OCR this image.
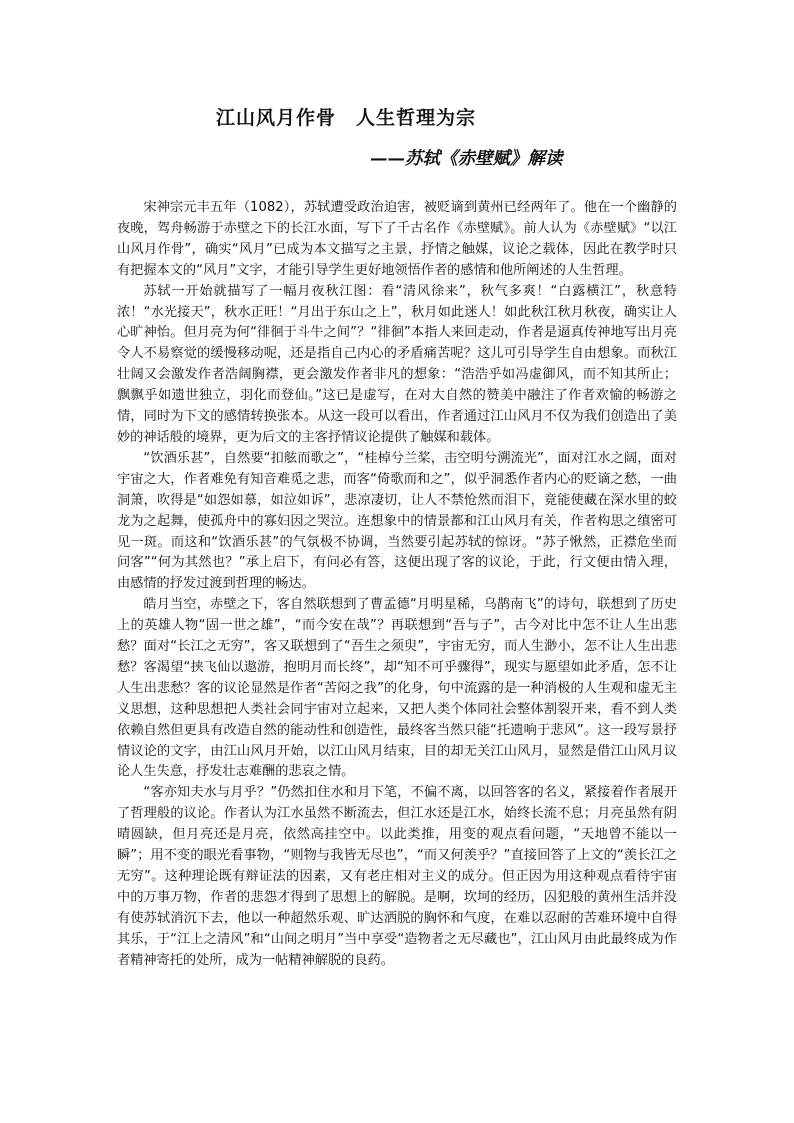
江山风月作骨　人生哲理为宗
——苏轼《赤壁赋》解读

宋神宗元丰五年（1082），苏轼遭受政治迫害，被贬谪到黄州已经两年了。他在一个幽静的夜晚，驾舟畅游于赤壁之下的长江水面，写下了千古名作《赤壁赋》。前人认为《赤壁赋》“以江山风月作骨”，确实“风月”已成为本文描写之主景，抒情之触媒，议论之载体，因此在教学时只有把握本文的“风月”文字，才能引导学生更好地领悟作者的感情和他所阐述的人生哲理。

苏轼一开始就描写了一幅月夜秋江图：看“清风徐来”，秋气多爽！“白露横江”，秋意特浓！“水光接天”，秋水正旺！“月出于东山之上”，秋月如此迷人！如此秋江秋月秋夜，确实让人心旷神怡。但月亮为何“徘徊于斗牛之间”？“徘徊”本指人来回走动，作者是逼真传神地写出月亮令人不易察觉的缓慢移动呢，还是指自己内心的矛盾痛苦呢？这儿可引导学生自由想象。而秋江壮阔又会激发作者浩阔胸襟，更会激发作者非凡的想象：“浩浩乎如冯虚御风，而不知其所止；飘飘乎如遗世独立，羽化而登仙。”这已是虚写，在对大自然的赞美中融注了作者欢愉的畅游之情，同时为下文的感情转换张本。从这一段可以看出，作者通过江山风月不仅为我们创造出了美妙的神话般的境界，更为后文的主客抒情议论提供了触媒和载体。

“饮酒乐甚”，自然要“扣舷而歌之”，“桂棹兮兰桨，击空明兮溯流光”，面对江水之阔，面对宇宙之大，作者难免有知音难觅之悲，而客“倚歌而和之”，似乎洞悉作者内心的贬谪之愁，一曲洞箫，吹得是“如怨如慕，如泣如诉”，悲凉凄切，让人不禁怆然而泪下，竟能使藏在深水里的蛟龙为之起舞，使孤舟中的寡妇因之哭泣。连想象中的情景都和江山风月有关，作者构思之缜密可见一斑。而这和“饮酒乐甚”的气氛极不协调，当然要引起苏轼的惊讶。“苏子愀然，正襟危坐而问客”“何为其然也？”承上启下，有问必有答，这便出现了客的议论，于此，行文便由情入理，由感情的抒发过渡到哲理的畅达。

皓月当空，赤壁之下，客自然联想到了曹孟德“月明星稀，乌鹊南飞”的诗句，联想到了历史上的英雄人物“固一世之雄”，“而今安在哉”？再联想到“吾与子”，古今对比中怎不让人生出悲愁？面对“长江之无穷”，客又联想到了“吾生之须臾”，宇宙无穷，而人生渺小，怎不让人生出悲愁？客渴望“挟飞仙以遨游，抱明月而长终”，却“知不可乎骤得”，现实与愿望如此矛盾，怎不让人生出悲愁？客的议论显然是作者“苦闷之我”的化身，句中流露的是一种消极的人生观和虚无主义思想，这种思想把人类社会同宇宙对立起来，又把人类个体同社会整体割裂开来，看不到人类依赖自然但更具有改造自然的能动性和创造性，最终客当然只能“托遗响于悲风”。这一段写景抒情议论的文字，由江山风月开始，以江山风月结束，目的却无关江山风月，显然是借江山风月议论人生失意，抒发壮志难酬的悲哀之情。

“客亦知夫水与月乎？”仍然扣住水和月下笔，不偏不离，以回答客的名义，紧接着作者展开了哲理般的议论。作者认为江水虽然不断流去，但江水还是江水，始终长流不息；月亮虽然有阴晴圆缺，但月亮还是月亮，依然高挂空中。以此类推，用变的观点看问题，“天地曾不能以一瞬”；用不变的眼光看事物，“则物与我皆无尽也”，“而又何羡乎？”直接回答了上文的“羡长江之无穷”。这种理论既有辩证法的因素，又有老庄相对主义的成分。但正因为用这种观点看待宇宙中的万事万物，作者的悲怨才得到了思想上的解脱。是啊，坎坷的经历，囚犯般的黄州生活并没有使苏轼消沉下去，他以一种超然乐观、旷达洒脱的胸怀和气度，在难以忍耐的苦难环境中自得其乐，于“江上之清风”和“山间之明月”当中享受“造物者之无尽藏也”，江山风月由此最终成为作者精神寄托的处所，成为一帖精神解脱的良药。
